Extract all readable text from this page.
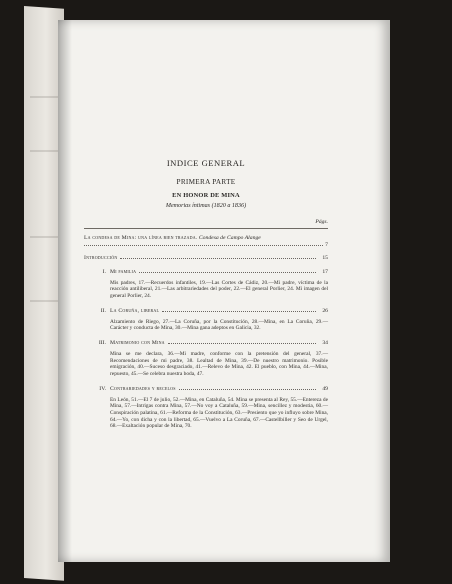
INDICE GENERAL
PRIMERA PARTE
EN HONOR DE MINA
Memorias íntimas (1820 a 1836)
Págs.
La condesa de Mina: una línea bien trazada. Condesa de Campo Alange
7
Introducción	15
I. Mi familia	17
Mis padres, 17.—Recuerdos infantiles, 19.—Las Cortes de Cádiz, 20.—Mi padre, víctima de la reacción antiliberal, 21.—Las arbitrariedades del poder, 22.—El general Porlier, 24. Mi imagen del general Porlier, 24.
II. La Coruña, liberal	26
Alzamiento de Riego, 27.—La Coruña, por la Constitución, 28.—Mina, en La Coruña, 29.—Carácter y conducta de Mina, 30.—Mina gana adeptos en Galicia, 32.
III. Matrimonio con Mina	34
Mina se me declara, 36.—Mi madre, conforme con la pretensión del general, 37.—Recomendaciones de mi padre, 38. Lealtad de Mina, 39.—De nuestro matrimonio. Posible emigración, 40.—Suceso desgraciado, 41.—Relevo de Mina, 42. El pueblo, con Mina, 44.—Mina, repuesto, 45.—Se celebra nuestra boda, 47.
IV. Contrariedades y recelos	49
En León, 51.—El 7 de julio, 52.—Mina, en Cataluña, 54. Mina se presenta al Rey, 55.—Entereza de Mina, 57.—Intrigas contra Mina, 57.—No voy a Cataluña, 59.—Mina, sencillez y modestia, 60.—Conspiración palatina, 61.—Reforma de la Constitución, 63.—Presiento que yo influyo sobre Mina, 64.—Yo, con dicha y con la libertad, 65.—Vuelvo a La Coruña, 67.—Castellbiller y Seo de Urgel, 68.—Exaltación popular de Mina, 70.
